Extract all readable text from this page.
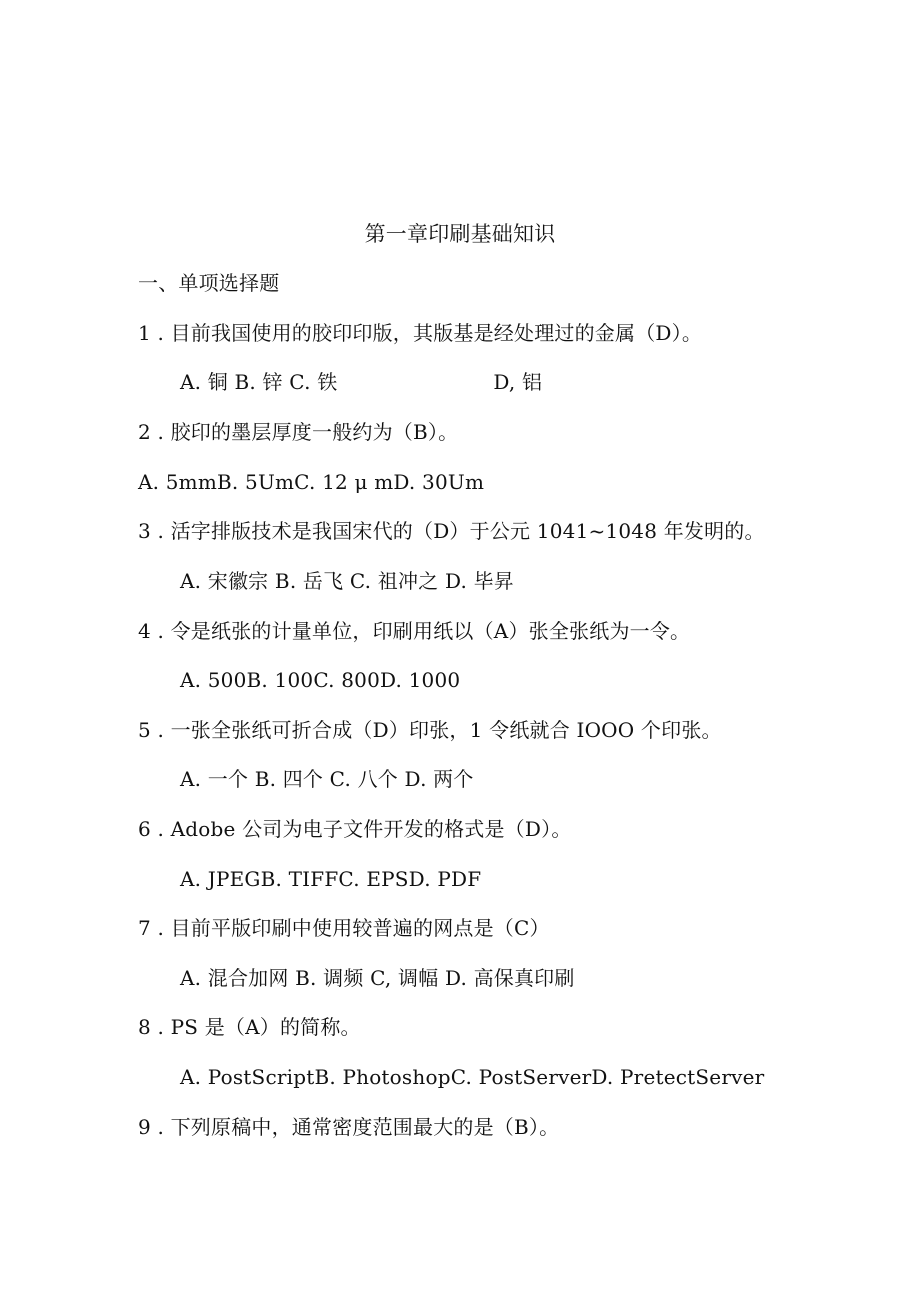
第一章印刷基础知识
一、单项选择题
1 . 目前我国使用的胶印印版，其版基是经处理过的金属（D）。
A. 铜 B. 锌 C. 铁	D, 铝
2 . 胶印的墨层厚度一般约为（B）。
A. 5mmB. 5UmC. 12 μ mD. 30Um
3 . 活字排版技术是我国宋代的（D）于公元 1041~1048 年发明的。
A. 宋徽宗 B. 岳飞 C. 祖冲之 D. 毕昇
4 . 令是纸张的计量单位，印刷用纸以（A）张全张纸为一令。
A. 500B. 100C. 800D. 1000
5 . 一张全张纸可折合成（D）印张，1 令纸就合 IOOO 个印张。
A. 一个 B. 四个 C. 八个 D. 两个
6 . Adobe 公司为电子文件开发的格式是（D）。
A. JPEGB. TIFFC. EPSD. PDF
7 . 目前平版印刷中使用较普遍的网点是（C）
A. 混合加网 B. 调频 C, 调幅 D. 高保真印刷
8 . PS 是（A）的简称。
A. PostScriptB. PhotoshopC. PostServerD. PretectServer
9 . 下列原稿中，通常密度范围最大的是（B）。
